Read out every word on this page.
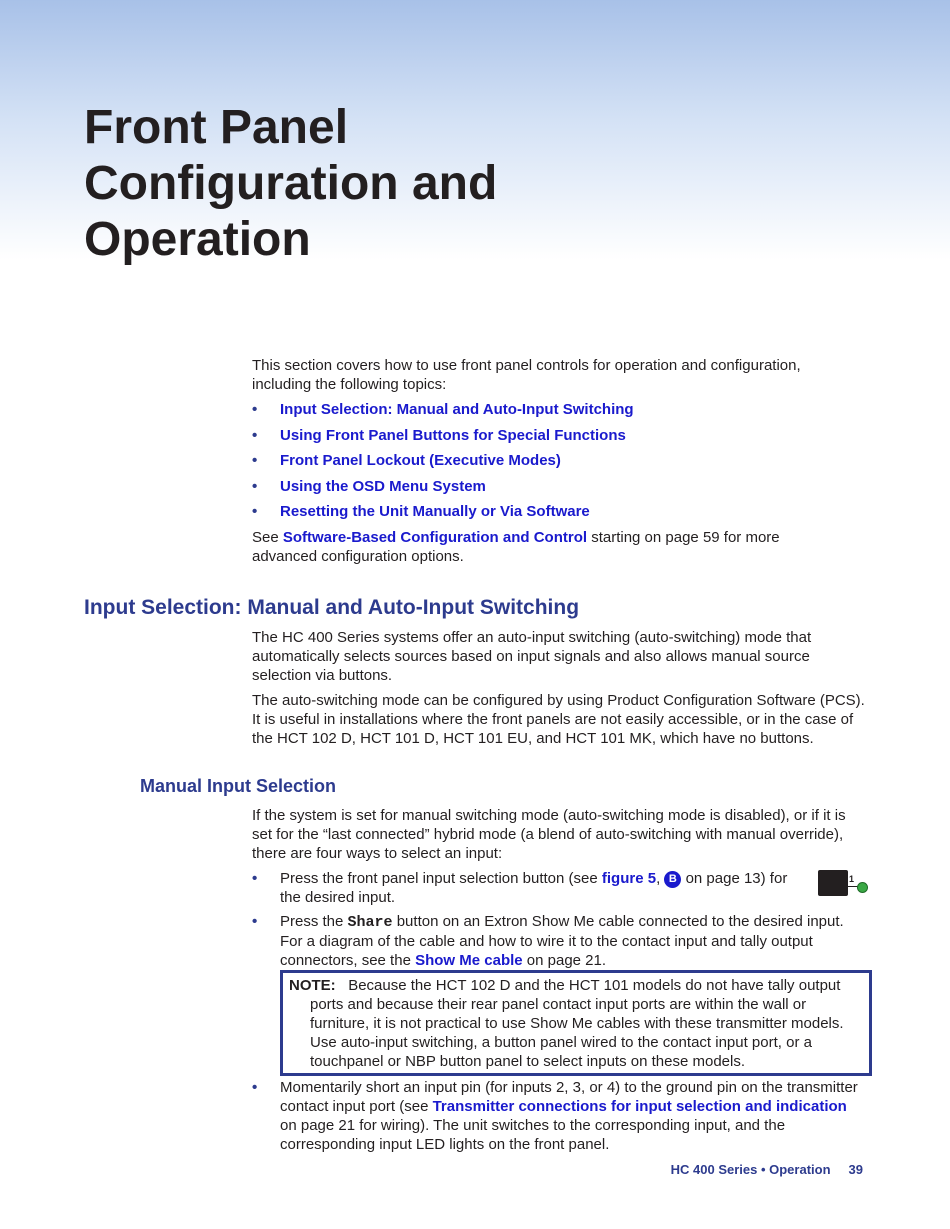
Front Panel
Configuration and
Operation

This section covers how to use front panel controls for operation and configuration, including the following topics:

• Input Selection: Manual and Auto-Input Switching
• Using Front Panel Buttons for Special Functions
• Front Panel Lockout (Executive Modes)
• Using the OSD Menu System
• Resetting the Unit Manually or Via Software

See Software-Based Configuration and Control starting on page 59 for more advanced configuration options.

Input Selection: Manual and Auto-Input Switching

The HC 400 Series systems offer an auto-input switching (auto-switching) mode that automatically selects sources based on input signals and also allows manual source selection via buttons.

The auto-switching mode can be configured by using Product Configuration Software (PCS). It is useful in installations where the front panels are not easily accessible, or in the case of the HCT 102 D, HCT 101 D, HCT 101 EU, and HCT 101 MK, which have no buttons.

Manual Input Selection

If the system is set for manual switching mode (auto-switching mode is disabled), or if it is set for the “last connected” hybrid mode (a blend of auto-switching with manual override), there are four ways to select an input:

• Press the front panel input selection button (see figure 5, B on page 13) for the desired input.
1
• Press the Share button on an Extron Show Me cable connected to the desired input. For a diagram of the cable and how to wire it to the contact input and tally output connectors, see the Show Me cable on page 21.

NOTE: Because the HCT 102 D and the HCT 101 models do not have tally output ports and because their rear panel contact input ports are within the wall or furniture, it is not practical to use Show Me cables with these transmitter models. Use auto-input switching, a button panel wired to the contact input port, or a touchpanel or NBP button panel to select inputs on these models.

• Momentarily short an input pin (for inputs 2, 3, or 4) to the ground pin on the transmitter contact input port (see Transmitter connections for input selection and indication on page 21 for wiring). The unit switches to the corresponding input, and the corresponding input LED lights on the front panel.
HC 400 Series • Operation 39
